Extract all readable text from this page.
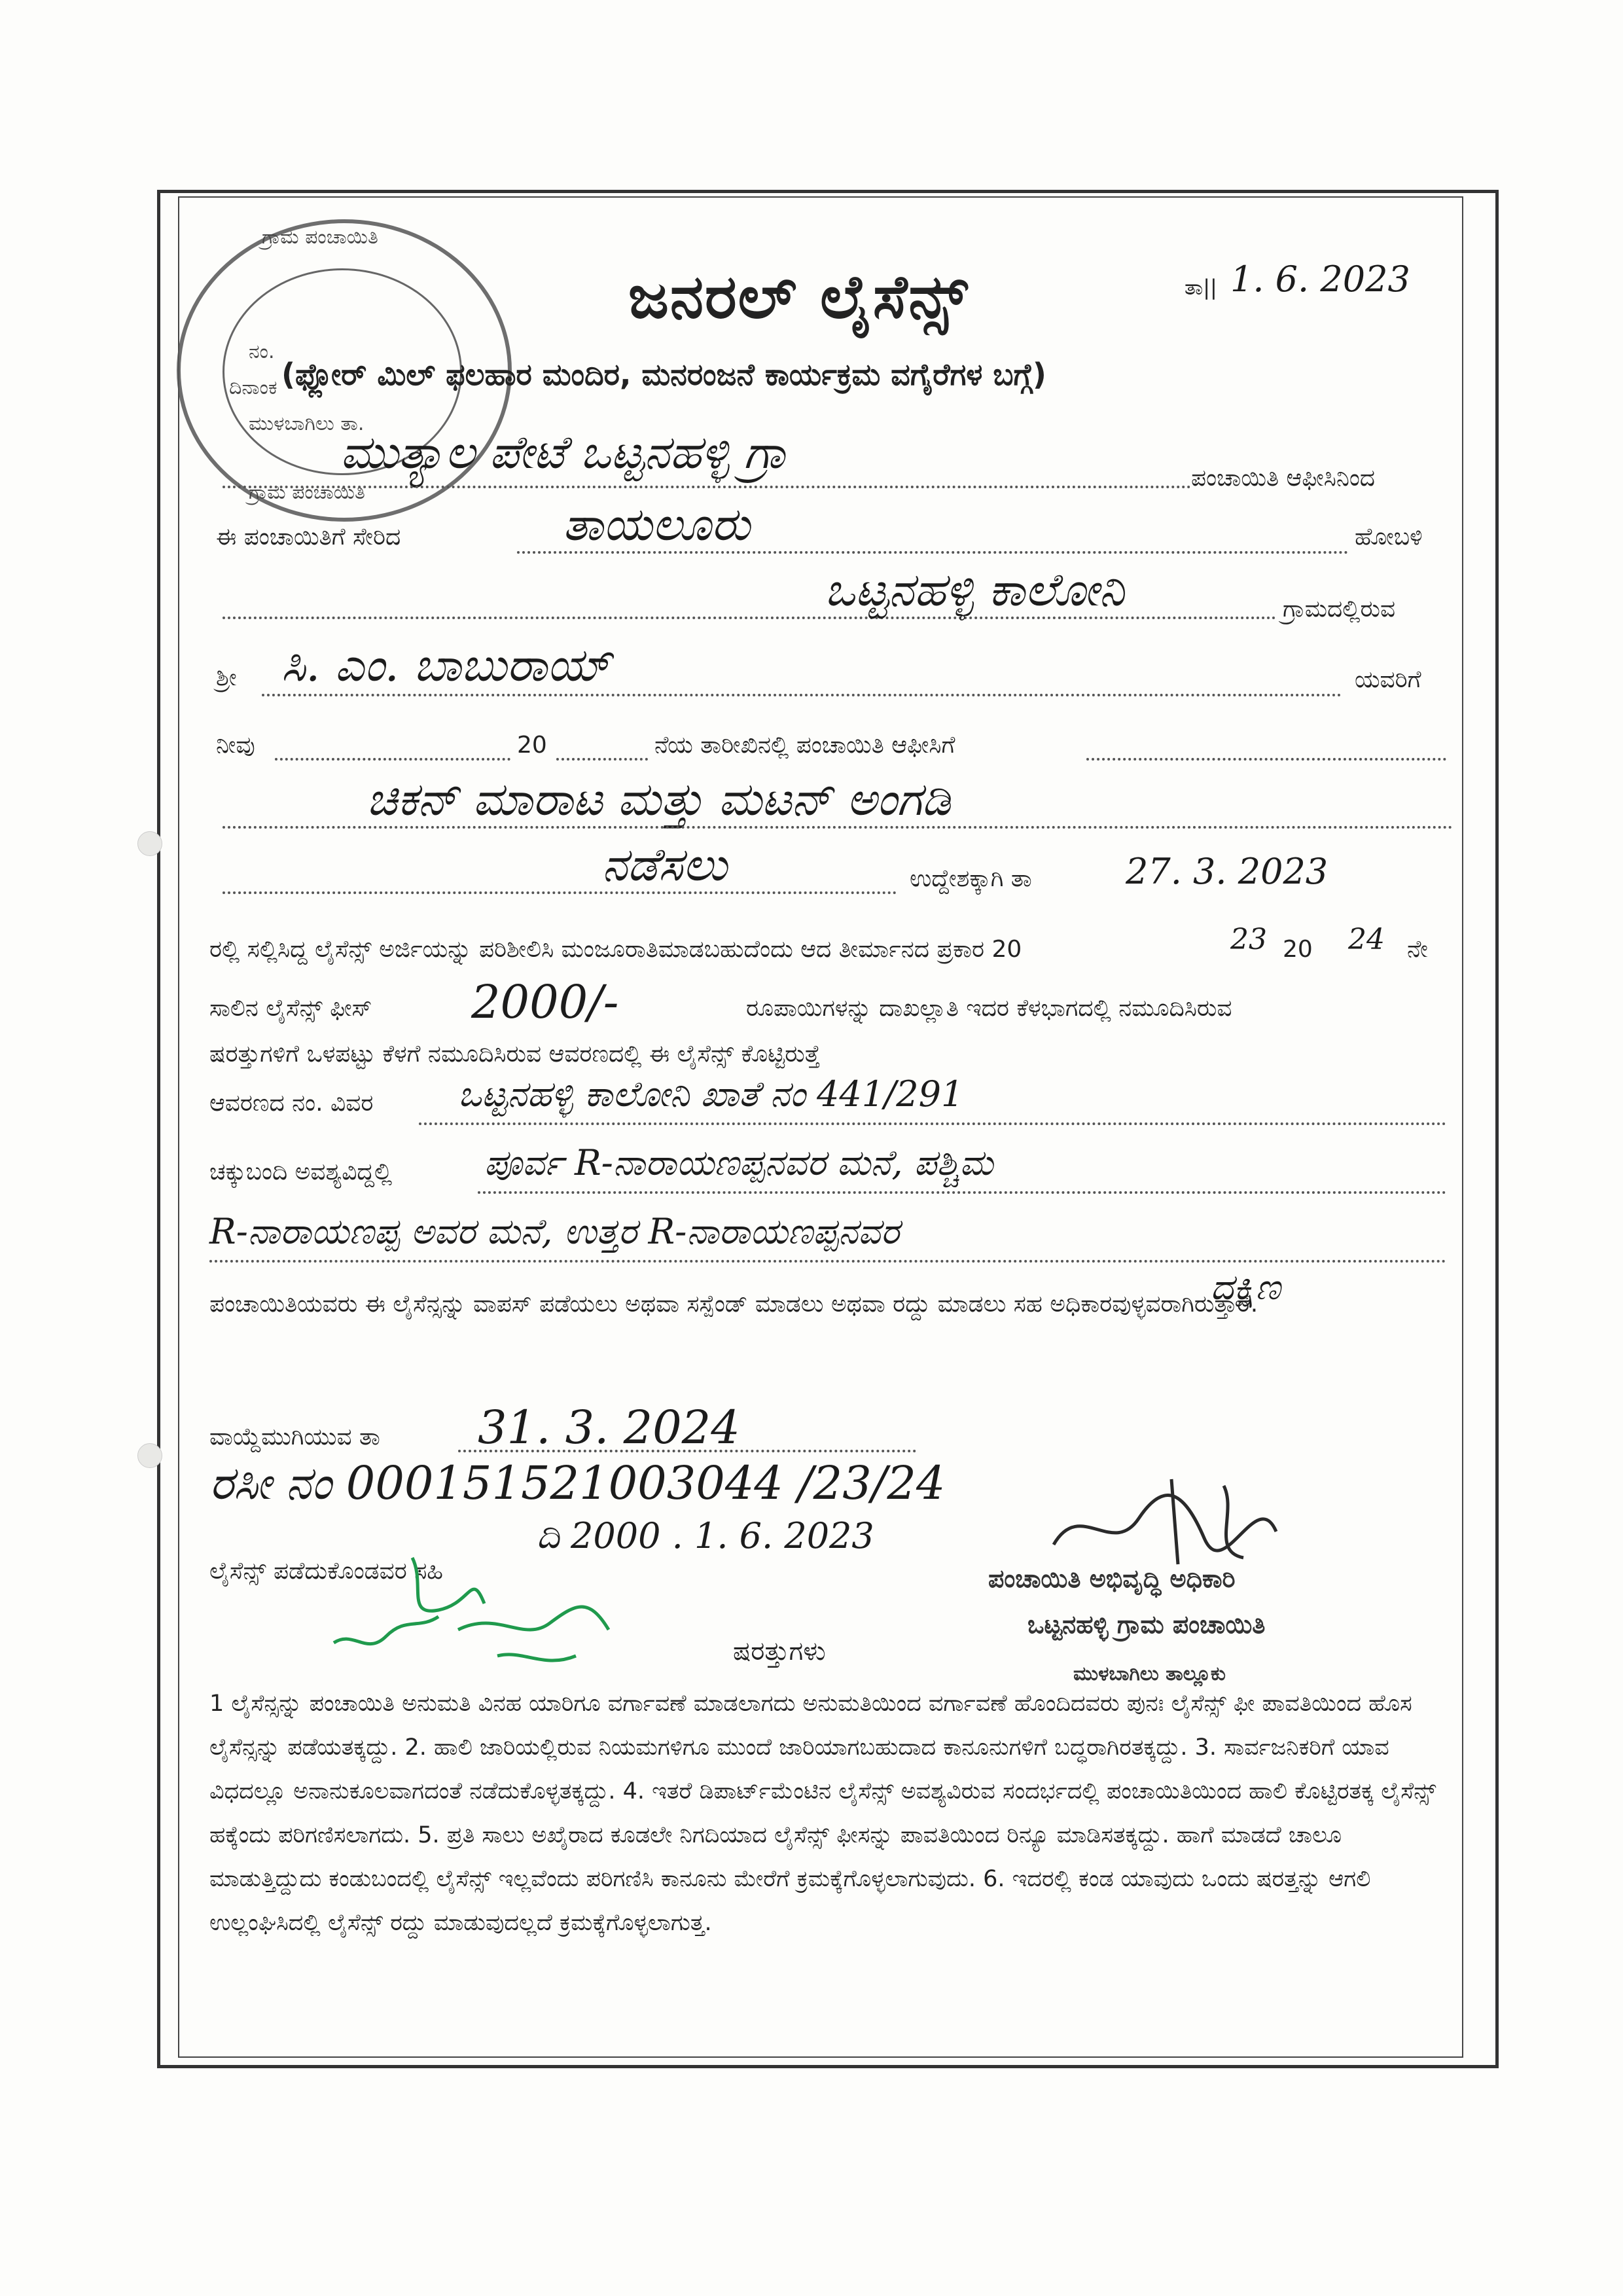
ಗ್ರಾಮ ಪಂಚಾಯಿತಿ
ನಂ.
ದಿನಾಂಕ
ಮುಳಬಾಗಿಲು ತಾ.
ಗ್ರಾಮ ಪಂಚಾಯಿತಿ
ಜನರಲ್ ಲೈಸೆನ್ಸ್	ತಾ|| 1. 6. 2023
(ಫ್ಲೋರ್ ಮಿಲ್ ಫಲಹಾರ ಮಂದಿರ, ಮನರಂಜನೆ ಕಾರ್ಯಕ್ರಮ ವಗೈರೆಗಳ ಬಗ್ಗೆ)
ಮುತ್ಯಾಲ ಪೇಟೆ ಒಟ್ಟನಹಳ್ಳಿ ಗ್ರಾ	ಪಂಚಾಯಿತಿ ಆಫೀಸಿನಿಂದ
ಈ ಪಂಚಾಯಿತಿಗೆ ಸೇರಿದ	ತಾಯಲೂರು	ಹೋಬಳಿ
ಒಟ್ಟನಹಳ್ಳಿ ಕಾಲೋನಿ	ಗ್ರಾಮದಲ್ಲಿರುವ
ಶ್ರೀ ಸಿ. ಎಂ. ಬಾಬುರಾಯ್	ಯವರಿಗೆ
ನೀವು	20	ನೆಯ ತಾರೀಖಿನಲ್ಲಿ ಪಂಚಾಯಿತಿ ಆಫೀಸಿಗೆ
ಚಿಕನ್ ಮಾರಾಟ ಮತ್ತು ಮಟನ್ ಅಂಗಡಿ
ನಡೆಸಲು	ಉದ್ದೇಶಕ್ಕಾಗಿ ತಾ	27. 3. 2023
ರಲ್ಲಿ ಸಲ್ಲಿಸಿದ್ದ ಲೈಸೆನ್ಸ್ ಅರ್ಜಿಯನ್ನು ಪರಿಶೀಲಿಸಿ ಮಂಜೂರಾತಿಮಾಡಬಹುದೆಂದು ಆದ ತೀರ್ಮಾನದ ಪ್ರಕಾರ 20	23 20 24 ನೇ
ಸಾಲಿನ ಲೈಸೆನ್ಸ್ ಫೀಸ್ 2000/-	ರೂಪಾಯಿಗಳನ್ನು ದಾಖಲ್ಲಾತಿ ಇದರ ಕೆಳಭಾಗದಲ್ಲಿ ನಮೂದಿಸಿರುವ
ಷರತ್ತುಗಳಿಗೆ ಒಳಪಟ್ಟು ಕೆಳಗೆ ನಮೂದಿಸಿರುವ ಆವರಣದಲ್ಲಿ ಈ ಲೈಸೆನ್ಸ್ ಕೊಟ್ಟಿರುತ್ತೆ
ಆವರಣದ ನಂ. ವಿವರ ಒಟ್ಟನಹಳ್ಳಿ ಕಾಲೋನಿ ಖಾತೆ ನಂ 441/291
ಚಕ್ಕುಬಂದಿ ಅವಶ್ಯವಿದ್ದಲ್ಲಿ	ಪೂರ್ವ R-ನಾರಾಯಣಪ್ಪನವರ ಮನೆ, ಪಶ್ಚಿಮ
R-ನಾರಾಯಣಪ್ಪ ಅವರ ಮನೆ, ಉತ್ತರ R-ನಾರಾಯಣಪ್ಪನವರ
ದಕ್ಷಿಣ
ಪಂಚಾಯಿತಿಯವರು ಈ ಲೈಸೆನ್ಸನ್ನು ವಾಪಸ್ ಪಡೆಯಲು ಅಥವಾ ಸಸ್ಪೆಂಡ್ ಮಾಡಲು ಅಥವಾ ರದ್ದು ಮಾಡಲು ಸಹ ಅಧಿಕಾರವುಳ್ಳವರಾಗಿರುತ್ತಾರೆ.
ವಾಯ್ದೆಮುಗಿಯುವ ತಾ 31. 3. 2024
ರಸೀ ನಂ 000151521003044 /23/24
ದಿ 2000 . 1. 6. 2023
ಲೈಸೆನ್ಸ್ ಪಡೆದುಕೊಂಡವರ ಸಹಿ	ಪಂಚಾಯಿತಿ ಅಭಿವೃದ್ಧಿ ಅಧಿಕಾರಿ
ಒಟ್ಟನಹಳ್ಳಿ ಗ್ರಾಮ ಪಂಚಾಯಿತಿ
ಮುಳಬಾಗಿಲು ತಾಲ್ಲೂಕು
ಷರತ್ತುಗಳು
1 ಲೈಸೆನ್ಸನ್ನು ಪಂಚಾಯಿತಿ ಅನುಮತಿ ವಿನಹ ಯಾರಿಗೂ ವರ್ಗಾವಣೆ ಮಾಡಲಾಗದು ಅನುಮತಿಯಿಂದ ವರ್ಗಾವಣೆ ಹೊಂದಿದವರು ಪುನಃ ಲೈಸೆನ್ಸ್ ಫೀ ಪಾವತಿಯಿಂದ ಹೊಸ ಲೈಸೆನ್ಸನ್ನು ಪಡೆಯತಕ್ಕದ್ದು. 2. ಹಾಲಿ ಜಾರಿಯಲ್ಲಿರುವ ನಿಯಮಗಳಿಗೂ ಮುಂದೆ ಜಾರಿಯಾಗಬಹುದಾದ ಕಾನೂನುಗಳಿಗೆ ಬದ್ಧರಾಗಿರತಕ್ಕದ್ದು. 3. ಸಾರ್ವಜನಿಕರಿಗೆ ಯಾವ ವಿಧದಲ್ಲೂ ಅನಾನುಕೂಲವಾಗದಂತೆ ನಡೆದುಕೊಳ್ಳತಕ್ಕದ್ದು. 4. ಇತರೆ ಡಿಪಾರ್ಟ್‌ಮೆಂಟಿನ ಲೈಸೆನ್ಸ್ ಅವಶ್ಯವಿರುವ ಸಂದರ್ಭದಲ್ಲಿ ಪಂಚಾಯಿತಿಯಿಂದ ಹಾಲಿ ಕೊಟ್ಟಿರತಕ್ಕ ಲೈಸೆನ್ಸ್ ಹಕ್ಕೆಂದು ಪರಿಗಣಿಸಲಾಗದು. 5. ಪ್ರತಿ ಸಾಲು ಅಖೈರಾದ ಕೂಡಲೇ ನಿಗದಿಯಾದ ಲೈಸೆನ್ಸ್ ಫೀಸನ್ನು ಪಾವತಿಯಿಂದ ರಿನ್ಯೂ ಮಾಡಿಸತಕ್ಕದ್ದು. ಹಾಗೆ ಮಾಡದೆ ಚಾಲೂ ಮಾಡುತ್ತಿದ್ದುದು ಕಂಡುಬಂದಲ್ಲಿ ಲೈಸೆನ್ಸ್ ಇಲ್ಲವೆಂದು ಪರಿಗಣಿಸಿ ಕಾನೂನು ಮೇರೆಗೆ ಕ್ರಮಕ್ಕೆಗೊಳ್ಳಲಾಗುವುದು. 6. ಇದರಲ್ಲಿ ಕಂಡ ಯಾವುದು ಒಂದು ಷರತ್ತನ್ನು ಆಗಲಿ ಉಲ್ಲಂಘಿಸಿದಲ್ಲಿ ಲೈಸೆನ್ಸ್ ರದ್ದು ಮಾಡುವುದಲ್ಲದೆ ಕ್ರಮಕ್ಕೆಗೊಳ್ಳಲಾಗುತ್ತ.
